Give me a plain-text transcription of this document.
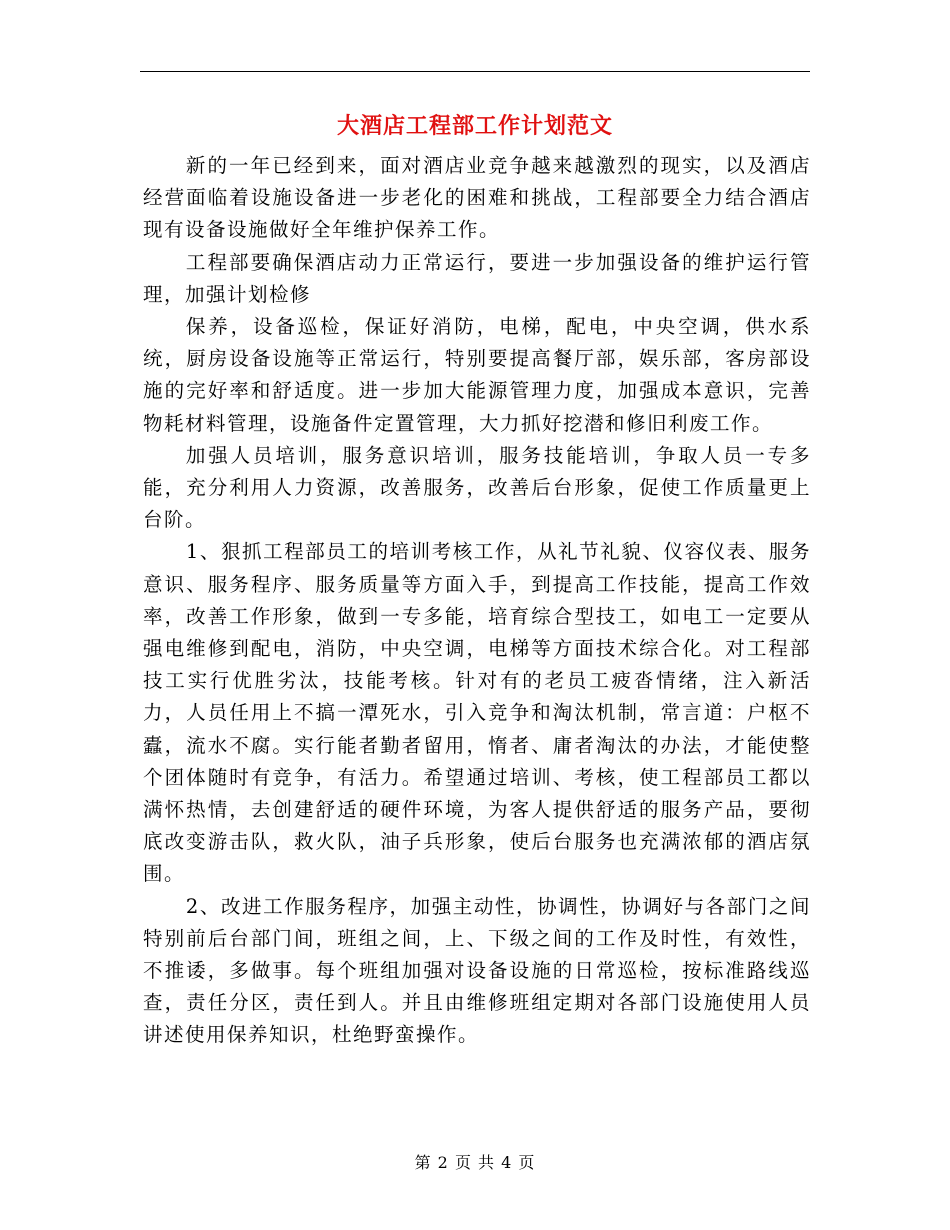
大酒店工程部工作计划范文

新的一年已经到来，面对酒店业竞争越来越激烈的现实，以及酒店经营面临着设施设备进一步老化的困难和挑战，工程部要全力结合酒店现有设备设施做好全年维护保养工作。

工程部要确保酒店动力正常运行，要进一步加强设备的维护运行管理，加强计划检修

保养，设备巡检，保证好消防，电梯，配电，中央空调，供水系统，厨房设备设施等正常运行，特别要提高餐厅部，娱乐部，客房部设施的完好率和舒适度。进一步加大能源管理力度，加强成本意识，完善物耗材料管理，设施备件定置管理，大力抓好挖潜和修旧利废工作。

加强人员培训，服务意识培训，服务技能培训，争取人员一专多能，充分利用人力资源，改善服务，改善后台形象，促使工作质量更上台阶。

1、狠抓工程部员工的培训考核工作，从礼节礼貌、仪容仪表、服务意识、服务程序、服务质量等方面入手，到提高工作技能，提高工作效率，改善工作形象，做到一专多能，培育综合型技工，如电工一定要从强电维修到配电，消防，中央空调，电梯等方面技术综合化。对工程部技工实行优胜劣汰，技能考核。针对有的老员工疲沓情绪，注入新活力，人员任用上不搞一潭死水，引入竞争和淘汰机制，常言道：户枢不蠹，流水不腐。实行能者勤者留用，惰者、庸者淘汰的办法，才能使整个团体随时有竞争，有活力。希望通过培训、考核，使工程部员工都以满怀热情，去创建舒适的硬件环境，为客人提供舒适的服务产品，要彻底改变游击队，救火队，油子兵形象，使后台服务也充满浓郁的酒店氛围。

2、改进工作服务程序，加强主动性，协调性，协调好与各部门之间特别前后台部门间，班组之间，上、下级之间的工作及时性，有效性，不推诿，多做事。每个班组加强对设备设施的日常巡检，按标准路线巡查，责任分区，责任到人。并且由维修班组定期对各部门设施使用人员讲述使用保养知识，杜绝野蛮操作。

第 2 页 共 4 页
